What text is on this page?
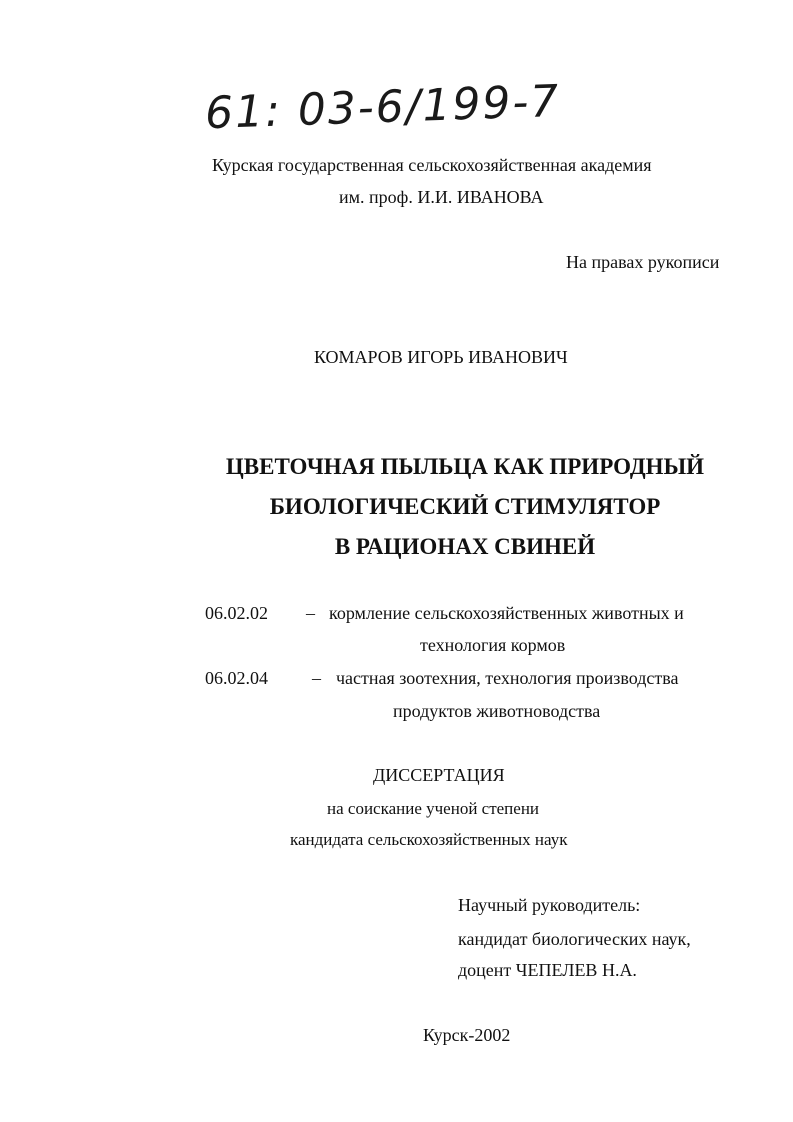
61: 03-6/199-7
Курская государственная сельскохозяйственная академия
им. проф. И.И. ИВАНОВА
На правах рукописи
КОМАРОВ ИГОРЬ ИВАНОВИЧ
ЦВЕТОЧНАЯ ПЫЛЬЦА КАК ПРИРОДНЫЙ
БИОЛОГИЧЕСКИЙ СТИМУЛЯТОР
В РАЦИОНАХ СВИНЕЙ
06.02.02 – кормление сельскохозяйственных животных и
технология кормов
06.02.04 – частная зоотехния, технология производства
продуктов животноводства
ДИССЕРТАЦИЯ
на соискание ученой степени
кандидата сельскохозяйственных наук
Научный руководитель:
кандидат биологических наук,
доцент ЧЕПЕЛЕВ Н.А.
Курск-2002
